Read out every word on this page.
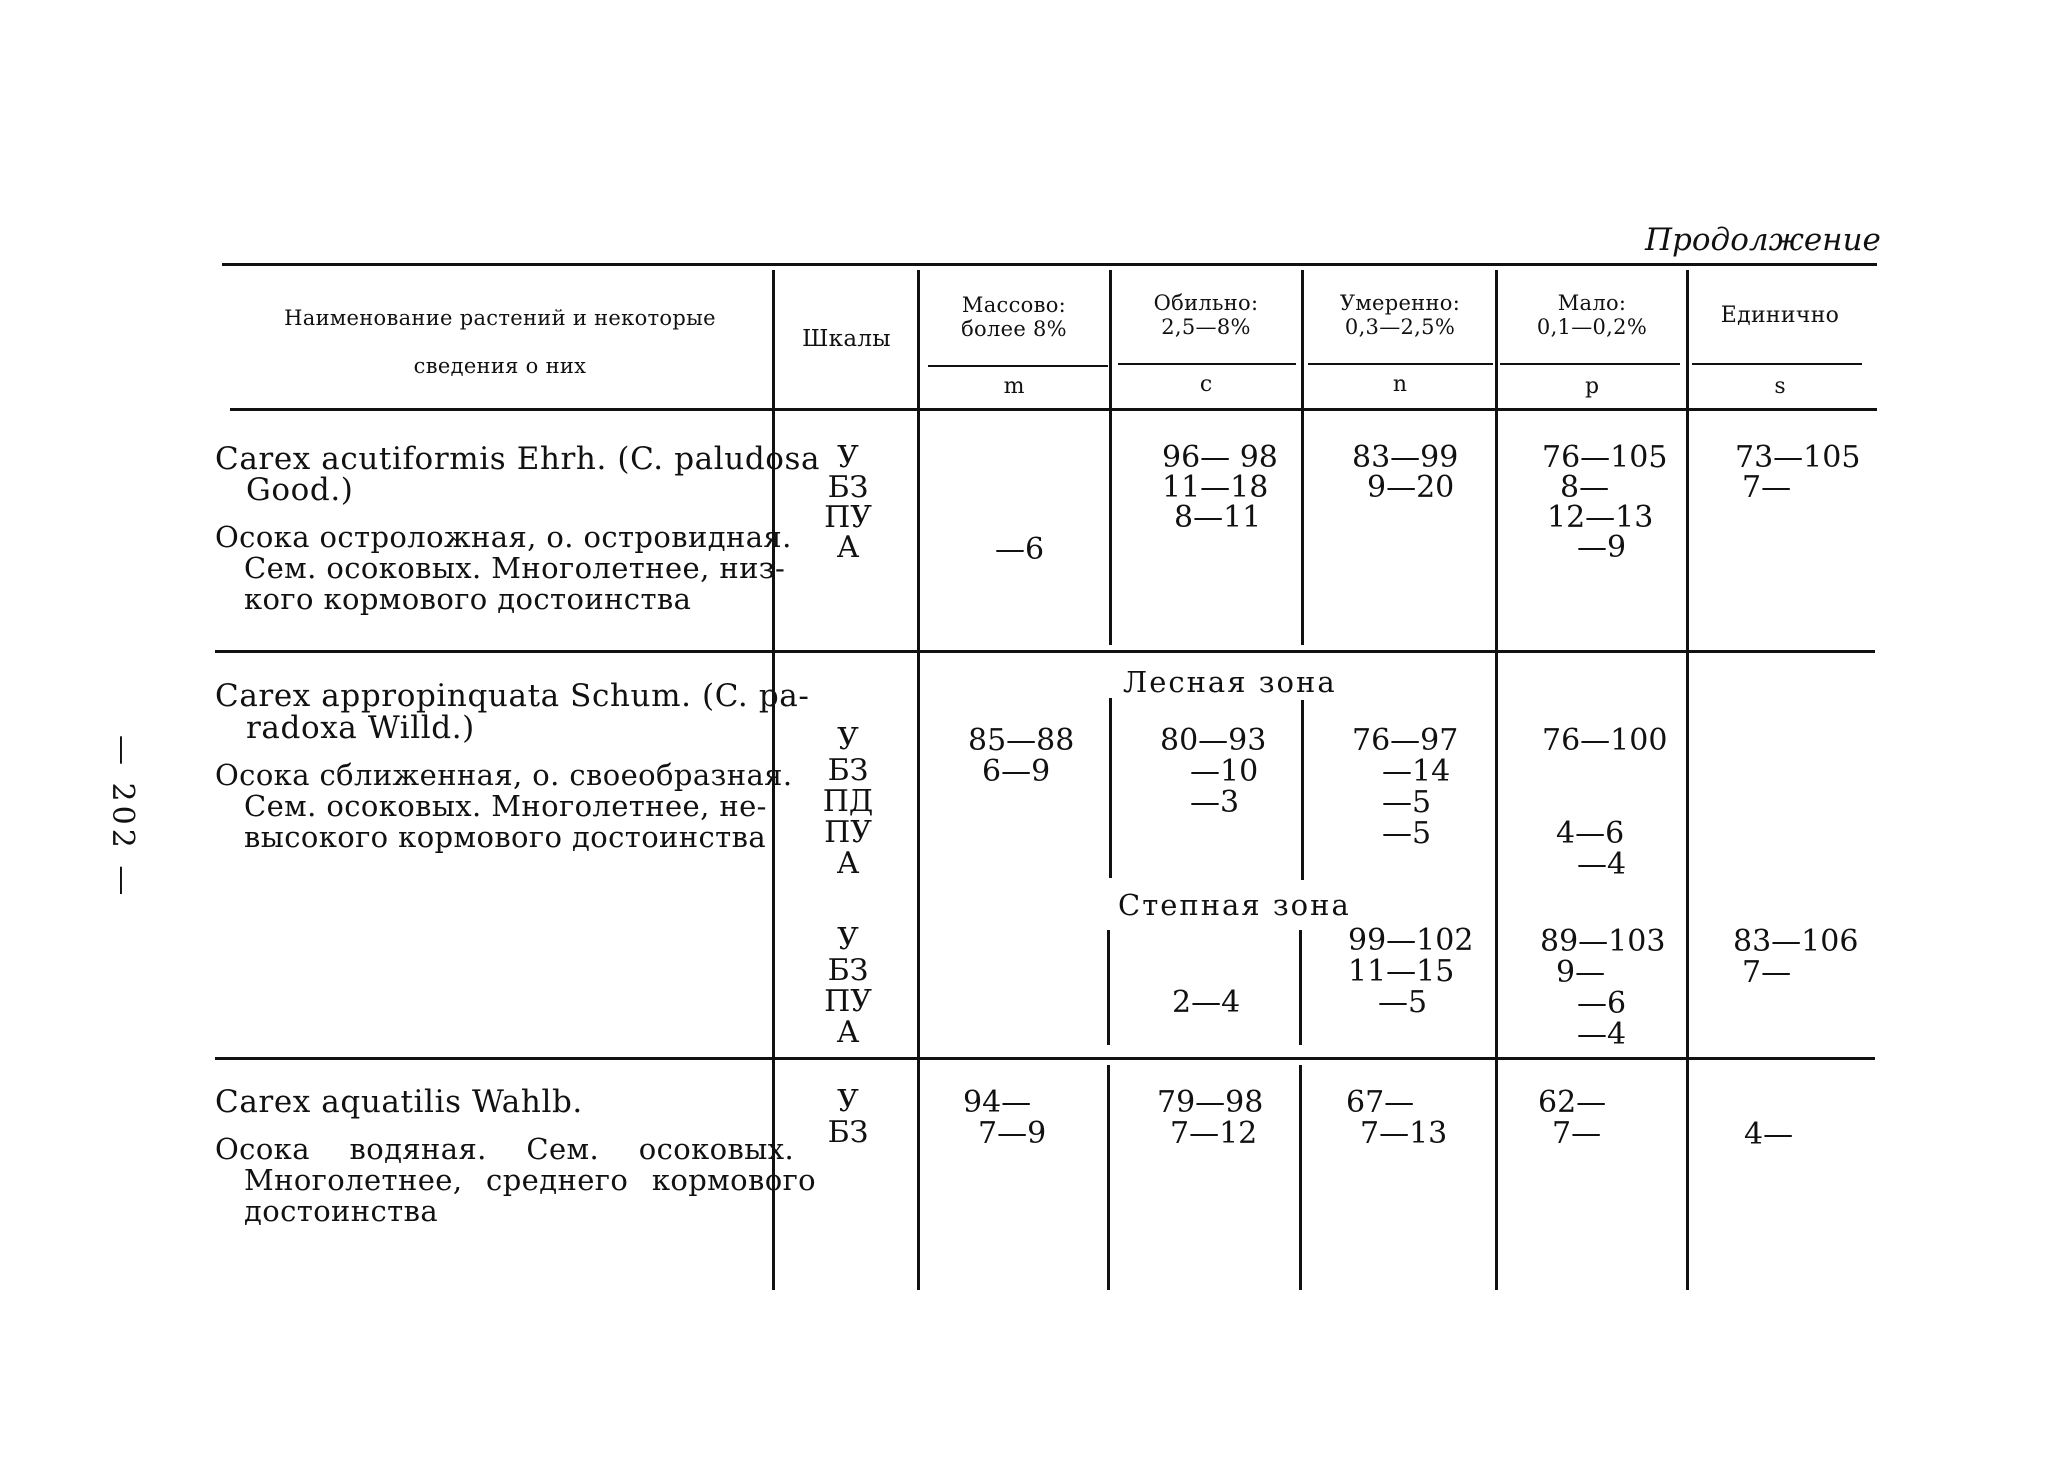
Продолжение
— 202 —
Наименование растений и некоторые
сведения о них
Шкалы
Массово:
более 8%
m
Обильно:
2,5—8%
c
Умеренно:
0,3—2,5%
n
Мало:
0,1—0,2%
p
Единично
s
Carex acutiformis Ehrh. (C. paludosa
Good.)
Осока остроложная, о. островидная.
Сем. осоковых. Многолетнее, низ-
кого кормового достоинства
У
БЗ
ПУ
А	—6
96— 98
11—18
8—11
83—99
9—20
76—105
8—
12—13
—9
73—105
7—
Carex appropinquata Schum. (C. pa-
radoxa Willd.)
Осока сближенная, о. своеобразная.
Сем. осоковых. Многолетнее, не-
высокого кормового достоинства
Лесная зона
Степная зона
У
БЗ
ПД
ПУ
А
85—88
6—9
80—93
—10
—3
76—97
—14
—5
—5
76—100
4—6
—4
У
БЗ
ПУ
А
2—4
99—102
11—15
—5
89—103
9—
—6
—4
83—106
7—
Carex aquatilis Wahlb.
Осока водяная. Сем. осоковых.
Многолетнее, среднего кормового
достоинства
У
БЗ
94—
7—9
79—98
7—12
67—
7—13
62—
7—	4—
